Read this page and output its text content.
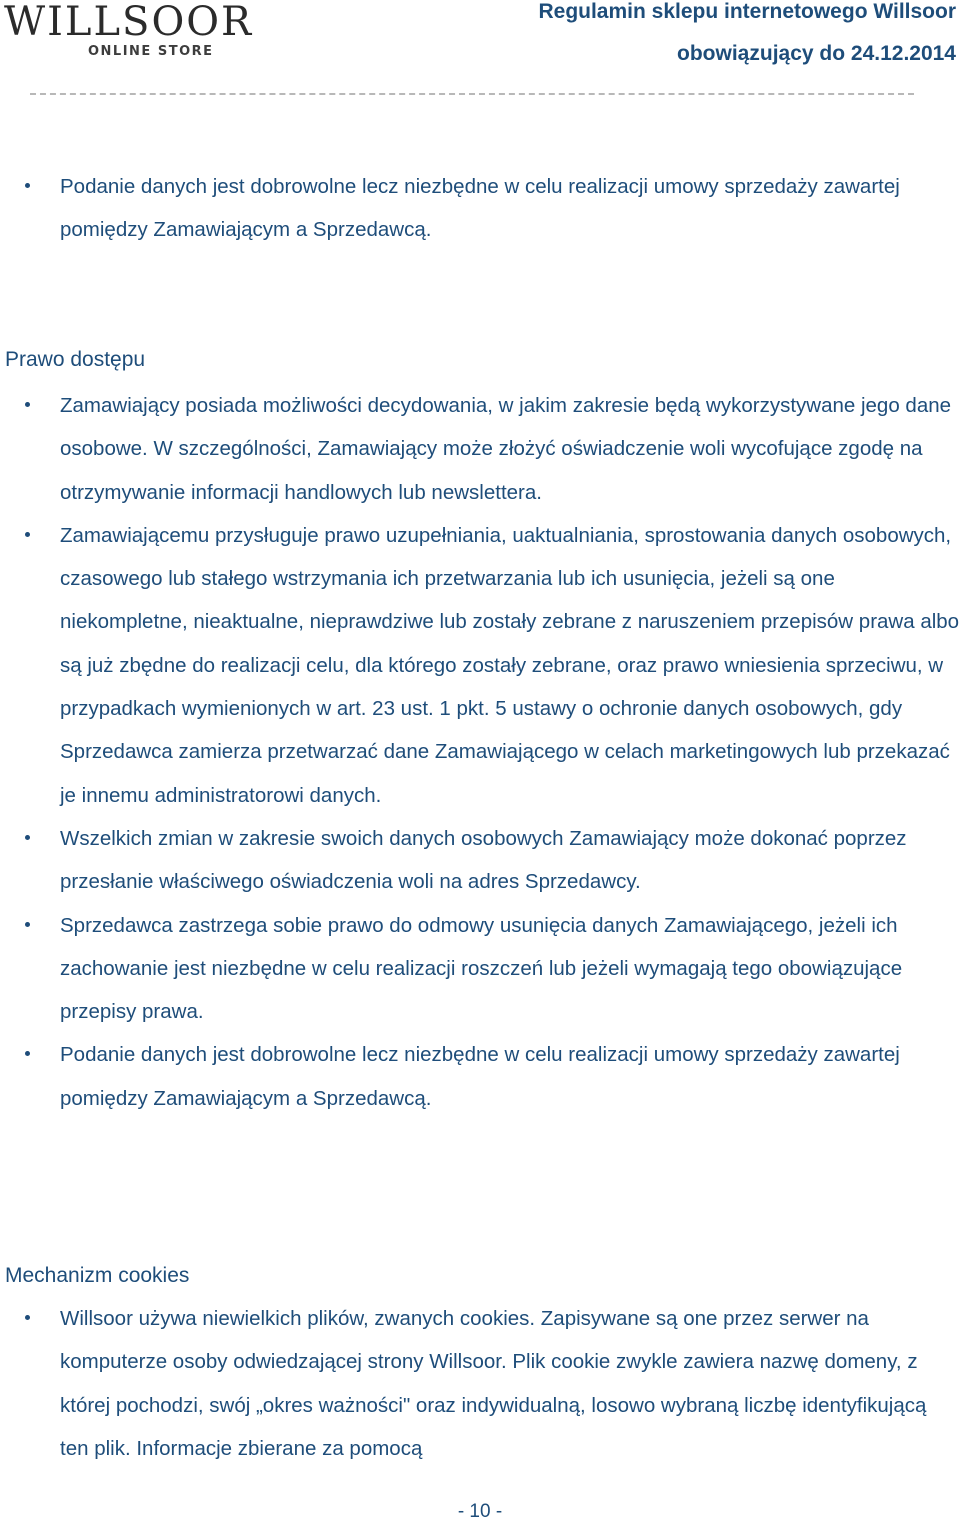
WILLSOOR
ONLINE STORE
Regulamin sklepu internetowego Willsoor
obowiązujący do 24.12.2014
Podanie danych jest dobrowolne lecz niezbędne w celu realizacji umowy sprzedaży zawartej pomiędzy Zamawiającym a Sprzedawcą.
Prawo dostępu
Zamawiający posiada możliwości decydowania, w jakim zakresie będą wykorzystywane jego dane osobowe. W szczególności, Zamawiający może złożyć oświadczenie woli wycofujące zgodę na otrzymywanie informacji handlowych lub newslettera.
Zamawiającemu przysługuje prawo uzupełniania, uaktualniania, sprostowania danych osobowych, czasowego lub stałego wstrzymania ich przetwarzania lub ich usunięcia, jeżeli są one niekompletne, nieaktualne, nieprawdziwe lub zostały zebrane z naruszeniem przepisów prawa albo są już zbędne do realizacji celu, dla którego zostały zebrane, oraz prawo wniesienia sprzeciwu, w przypadkach wymienionych w art. 23 ust. 1 pkt. 5 ustawy o ochronie danych osobowych, gdy Sprzedawca zamierza przetwarzać dane Zamawiającego w celach marketingowych lub przekazać je innemu administratorowi danych.
Wszelkich zmian w zakresie swoich danych osobowych Zamawiający może dokonać poprzez przesłanie właściwego oświadczenia woli na adres Sprzedawcy.
Sprzedawca zastrzega sobie prawo do odmowy usunięcia danych Zamawiającego, jeżeli ich zachowanie jest niezbędne w celu realizacji roszczeń lub jeżeli wymagają tego obowiązujące przepisy prawa.
Podanie danych jest dobrowolne lecz niezbędne w celu realizacji umowy sprzedaży zawartej pomiędzy Zamawiającym a Sprzedawcą.
Mechanizm cookies
Willsoor używa niewielkich plików, zwanych cookies. Zapisywane są one przez serwer na komputerze osoby odwiedzającej strony Willsoor. Plik cookie zwykle zawiera nazwę domeny, z której pochodzi, swój „okres ważności" oraz indywidualną, losowo wybraną liczbę identyfikującą ten plik. Informacje zbierane za pomocą
- 10 -
